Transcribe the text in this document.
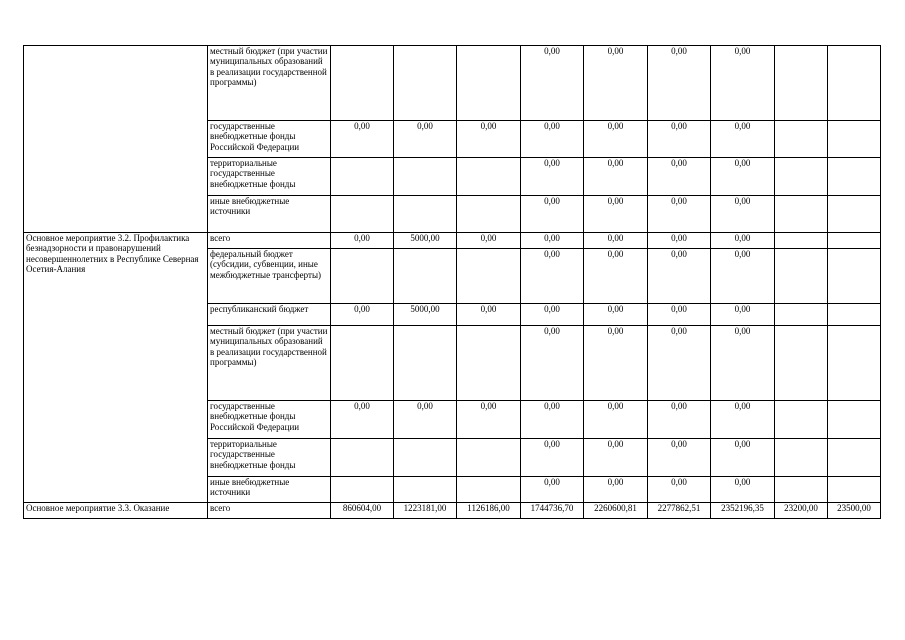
	местный бюджет (при участии муниципальных образований в реализации государственной программы)				0,00	0,00	0,00	0,00		
	государственные внебюджетные фонды Российской Федерации	0,00	0,00	0,00	0,00	0,00	0,00	0,00		
	территориальные государственные внебюджетные фонды				0,00	0,00	0,00	0,00		
	иные внебюджетные источники				0,00	0,00	0,00	0,00		
Основное мероприятие 3.2. Профилактика безнадзорности и правонарушений несовершеннолетних в Республике Северная Осетия-Алания	всего	0,00	5000,00	0,00	0,00	0,00	0,00	0,00		
	федеральный бюджет (субсидии, субвенции, иные межбюджетные трансферты)				0,00	0,00	0,00	0,00		
	республиканский бюджет	0,00	5000,00	0,00	0,00	0,00	0,00	0,00		
	местный бюджет (при участии муниципальных образований в реализации государственной программы)				0,00	0,00	0,00	0,00		
	государственные внебюджетные фонды Российской Федерации	0,00	0,00	0,00	0,00	0,00	0,00	0,00		
	территориальные государственные внебюджетные фонды				0,00	0,00	0,00	0,00		
	иные внебюджетные источники				0,00	0,00	0,00	0,00		
Основное мероприятие 3.3. Оказание	всего	860604,00	1223181,00	1126186,00	1744736,70	2260600,81	2277862,51	2352196,35	23200,00	23500,00
